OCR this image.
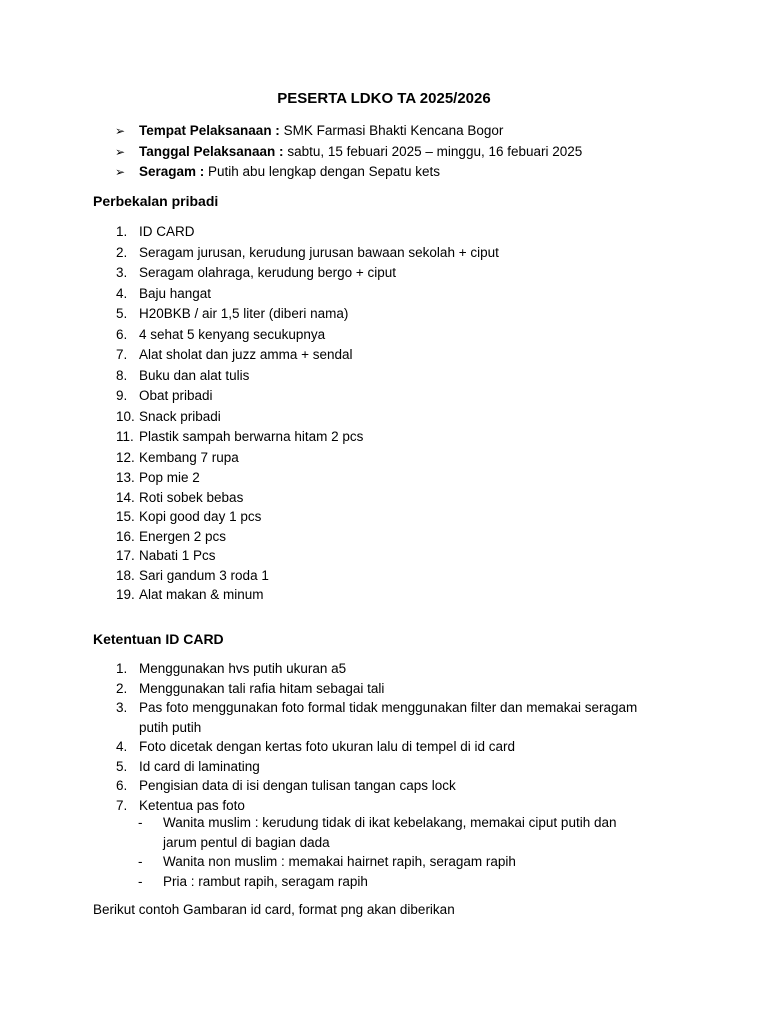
PESERTA LDKO TA 2025/2026
➢	Tempat Pelaksanaan : SMK Farmasi Bhakti Kencana Bogor
➢	Tanggal Pelaksanaan : sabtu, 15 febuari 2025 – minggu, 16 febuari 2025
➢	Seragam : Putih abu lengkap dengan Sepatu kets
Perbekalan pribadi
1. ID CARD
2. Seragam jurusan, kerudung jurusan bawaan sekolah + ciput
3. Seragam olahraga, kerudung bergo + ciput
4. Baju hangat
5. H20BKB / air 1,5 liter (diberi nama)
6. 4 sehat 5 kenyang secukupnya
7. Alat sholat dan juzz amma + sendal
8. Buku dan alat tulis
9. Obat pribadi
10. Snack pribadi
11. Plastik sampah berwarna hitam 2 pcs
12. Kembang 7 rupa
13. Pop mie 2
14. Roti sobek bebas
15. Kopi good day 1 pcs
16. Energen 2 pcs
17. Nabati 1 Pcs
18. Sari gandum 3 roda 1
19. Alat makan & minum
Ketentuan ID CARD
1. Menggunakan hvs putih ukuran a5
2. Menggunakan tali rafia hitam sebagai tali
3. Pas foto menggunakan foto formal tidak menggunakan filter dan memakai seragam putih putih
4. Foto dicetak dengan kertas foto ukuran lalu di tempel di id card
5. Id card di laminating
6. Pengisian data di isi dengan tulisan tangan caps lock
7. Ketentua pas foto
- Wanita muslim : kerudung tidak di ikat kebelakang, memakai ciput putih dan jarum pentul di bagian dada
- Wanita non muslim : memakai hairnet rapih, seragam rapih
- Pria : rambut rapih, seragam rapih
Berikut contoh Gambaran id card, format png akan diberikan
